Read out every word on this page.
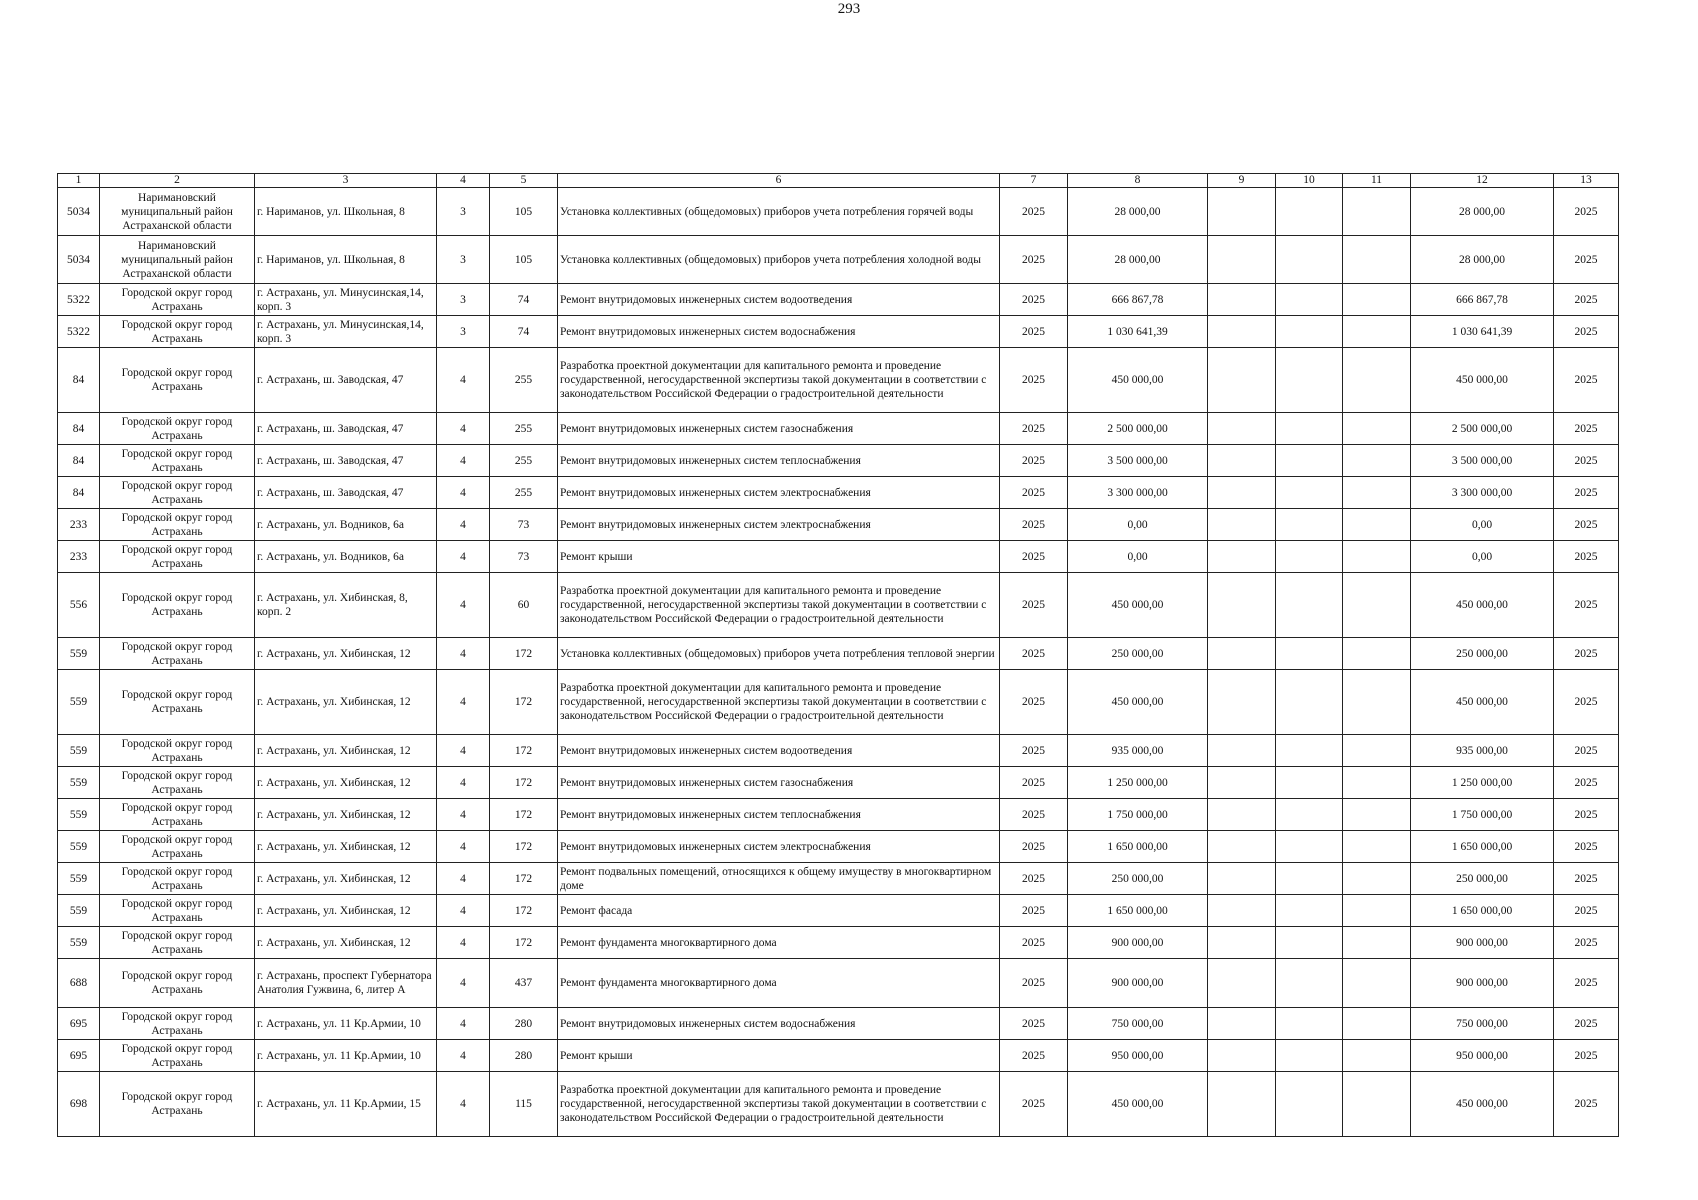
293
1	2	3	4	5	6	7	8	9	10	11	12	13
5034	Наримановский муниципальный район Астраханской области	г. Нариманов, ул. Школьная, 8	3	105	Установка коллективных (общедомовых) приборов учета потребления горячей воды	2025	28 000,00				28 000,00	2025
5034	Наримановский муниципальный район Астраханской области	г. Нариманов, ул. Школьная, 8	3	105	Установка коллективных (общедомовых) приборов учета потребления холодной воды	2025	28 000,00				28 000,00	2025
5322	Городской округ город Астрахань	г. Астрахань, ул. Минусинская,14, корп. 3	3	74	Ремонт внутридомовых инженерных систем водоотведения	2025	666 867,78				666 867,78	2025
5322	Городской округ город Астрахань	г. Астрахань, ул. Минусинская,14, корп. 3	3	74	Ремонт внутридомовых инженерных систем водоснабжения	2025	1 030 641,39				1 030 641,39	2025
84	Городской округ город Астрахань	г. Астрахань, ш. Заводская, 47	4	255	Разработка проектной документации для капитального ремонта и проведение государственной, негосударственной экспертизы такой документации в соответствии с законодательством Российской Федерации о градостроительной деятельности	2025	450 000,00				450 000,00	2025
84	Городской округ город Астрахань	г. Астрахань, ш. Заводская, 47	4	255	Ремонт внутридомовых инженерных систем газоснабжения	2025	2 500 000,00				2 500 000,00	2025
84	Городской округ город Астрахань	г. Астрахань, ш. Заводская, 47	4	255	Ремонт внутридомовых инженерных систем теплоснабжения	2025	3 500 000,00				3 500 000,00	2025
84	Городской округ город Астрахань	г. Астрахань, ш. Заводская, 47	4	255	Ремонт внутридомовых инженерных систем электроснабжения	2025	3 300 000,00				3 300 000,00	2025
233	Городской округ город Астрахань	г. Астрахань, ул. Водников, 6а	4	73	Ремонт внутридомовых инженерных систем электроснабжения	2025	0,00				0,00	2025
233	Городской округ город Астрахань	г. Астрахань, ул. Водников, 6а	4	73	Ремонт крыши	2025	0,00				0,00	2025
556	Городской округ город Астрахань	г. Астрахань, ул. Хибинская, 8, корп. 2	4	60	Разработка проектной документации для капитального ремонта и проведение государственной, негосударственной экспертизы такой документации в соответствии с законодательством Российской Федерации о градостроительной деятельности	2025	450 000,00				450 000,00	2025
559	Городской округ город Астрахань	г. Астрахань, ул. Хибинская, 12	4	172	Установка коллективных (общедомовых) приборов учета потребления тепловой энергии	2025	250 000,00				250 000,00	2025
559	Городской округ город Астрахань	г. Астрахань, ул. Хибинская, 12	4	172	Разработка проектной документации для капитального ремонта и проведение государственной, негосударственной экспертизы такой документации в соответствии с законодательством Российской Федерации о градостроительной деятельности	2025	450 000,00				450 000,00	2025
559	Городской округ город Астрахань	г. Астрахань, ул. Хибинская, 12	4	172	Ремонт внутридомовых инженерных систем водоотведения	2025	935 000,00				935 000,00	2025
559	Городской округ город Астрахань	г. Астрахань, ул. Хибинская, 12	4	172	Ремонт внутридомовых инженерных систем газоснабжения	2025	1 250 000,00				1 250 000,00	2025
559	Городской округ город Астрахань	г. Астрахань, ул. Хибинская, 12	4	172	Ремонт внутридомовых инженерных систем теплоснабжения	2025	1 750 000,00				1 750 000,00	2025
559	Городской округ город Астрахань	г. Астрахань, ул. Хибинская, 12	4	172	Ремонт внутридомовых инженерных систем электроснабжения	2025	1 650 000,00				1 650 000,00	2025
559	Городской округ город Астрахань	г. Астрахань, ул. Хибинская, 12	4	172	Ремонт подвальных помещений, относящихся к общему имуществу в многоквартирном доме	2025	250 000,00				250 000,00	2025
559	Городской округ город Астрахань	г. Астрахань, ул. Хибинская, 12	4	172	Ремонт фасада	2025	1 650 000,00				1 650 000,00	2025
559	Городской округ город Астрахань	г. Астрахань, ул. Хибинская, 12	4	172	Ремонт фундамента многоквартирного дома	2025	900 000,00				900 000,00	2025
688	Городской округ город Астрахань	г. Астрахань, проспект Губернатора Анатолия Гужвина, 6, литер А	4	437	Ремонт фундамента многоквартирного дома	2025	900 000,00				900 000,00	2025
695	Городской округ город Астрахань	г. Астрахань, ул. 11 Кр.Армии, 10	4	280	Ремонт внутридомовых инженерных систем водоснабжения	2025	750 000,00				750 000,00	2025
695	Городской округ город Астрахань	г. Астрахань, ул. 11 Кр.Армии, 10	4	280	Ремонт крыши	2025	950 000,00				950 000,00	2025
698	Городской округ город Астрахань	г. Астрахань, ул. 11 Кр.Армии, 15	4	115	Разработка проектной документации для капитального ремонта и проведение государственной, негосударственной экспертизы такой документации в соответствии с законодательством Российской Федерации о градостроительной деятельности	2025	450 000,00				450 000,00	2025
